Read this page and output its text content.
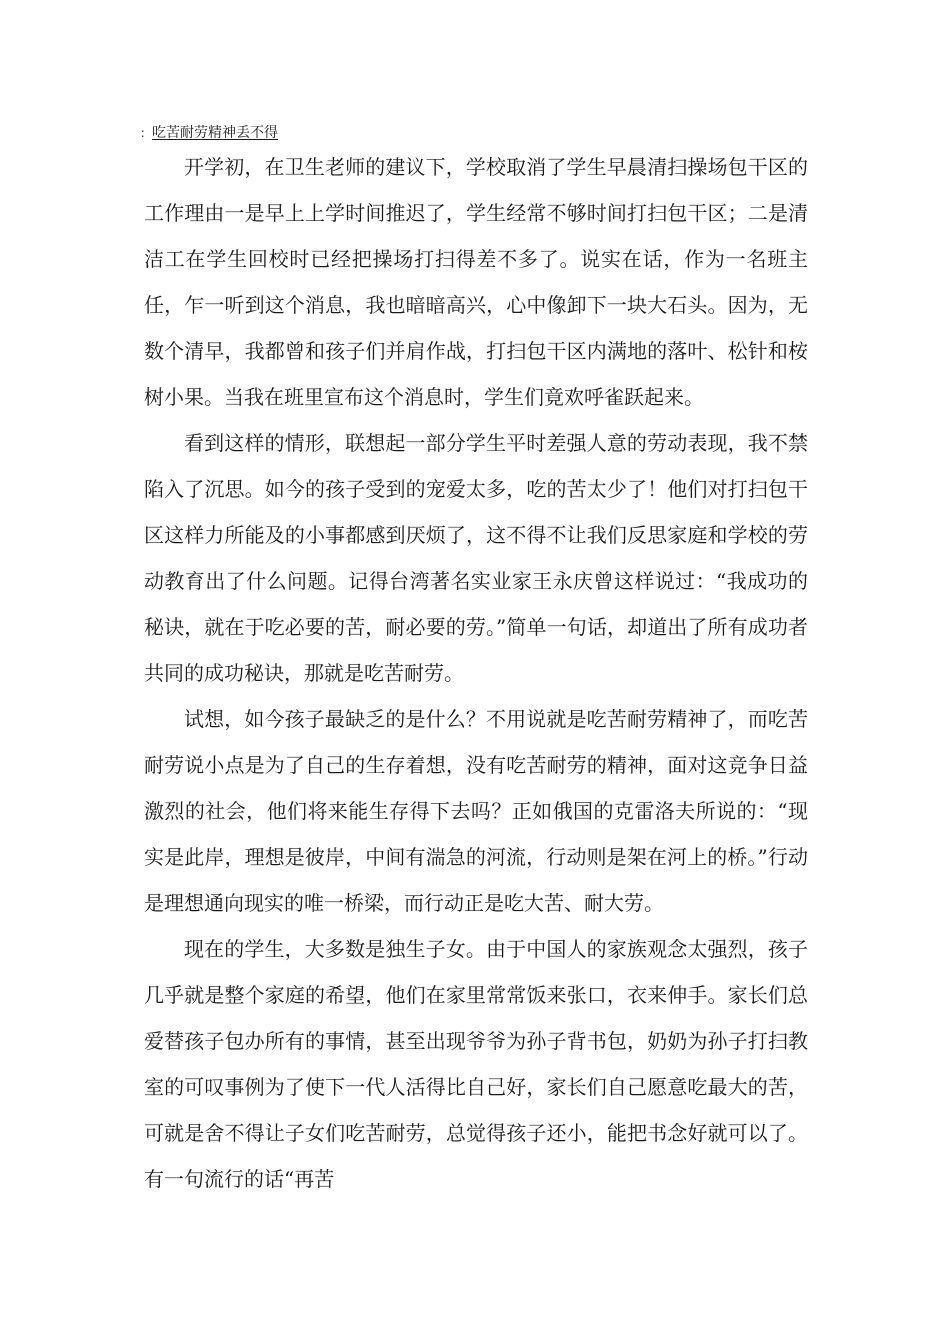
：吃苦耐劳精神丢不得

开学初，在卫生老师的建议下，学校取消了学生早晨清扫操场包干区的工作理由一是早上上学时间推迟了，学生经常不够时间打扫包干区；二是清洁工在学生回校时已经把操场打扫得差不多了。说实在话，作为一名班主任，乍一听到这个消息，我也暗暗高兴，心中像卸下一块大石头。因为，无数个清早，我都曾和孩子们并肩作战，打扫包干区内满地的落叶、松针和桉树小果。当我在班里宣布这个消息时，学生们竟欢呼雀跃起来。

看到这样的情形，联想起一部分学生平时差强人意的劳动表现，我不禁陷入了沉思。如今的孩子受到的宠爱太多，吃的苦太少了！他们对打扫包干区这样力所能及的小事都感到厌烦了，这不得不让我们反思家庭和学校的劳动教育出了什么问题。记得台湾著名实业家王永庆曾这样说过：“我成功的秘诀，就在于吃必要的苦，耐必要的劳。”简单一句话，却道出了所有成功者共同的成功秘诀，那就是吃苦耐劳。

试想，如今孩子最缺乏的是什么？不用说就是吃苦耐劳精神了，而吃苦耐劳说小点是为了自己的生存着想，没有吃苦耐劳的精神，面对这竞争日益激烈的社会，他们将来能生存得下去吗？正如俄国的克雷洛夫所说的：“现实是此岸，理想是彼岸，中间有湍急的河流，行动则是架在河上的桥。”行动是理想通向现实的唯一桥梁，而行动正是吃大苦、耐大劳。

现在的学生，大多数是独生子女。由于中国人的家族观念太强烈，孩子几乎就是整个家庭的希望，他们在家里常常饭来张口，衣来伸手。家长们总爱替孩子包办所有的事情，甚至出现爷爷为孙子背书包，奶奶为孙子打扫教室的可叹事例为了使下一代人活得比自己好，家长们自己愿意吃最大的苦，可就是舍不得让子女们吃苦耐劳，总觉得孩子还小，能把书念好就可以了。有一句流行的话“再苦
